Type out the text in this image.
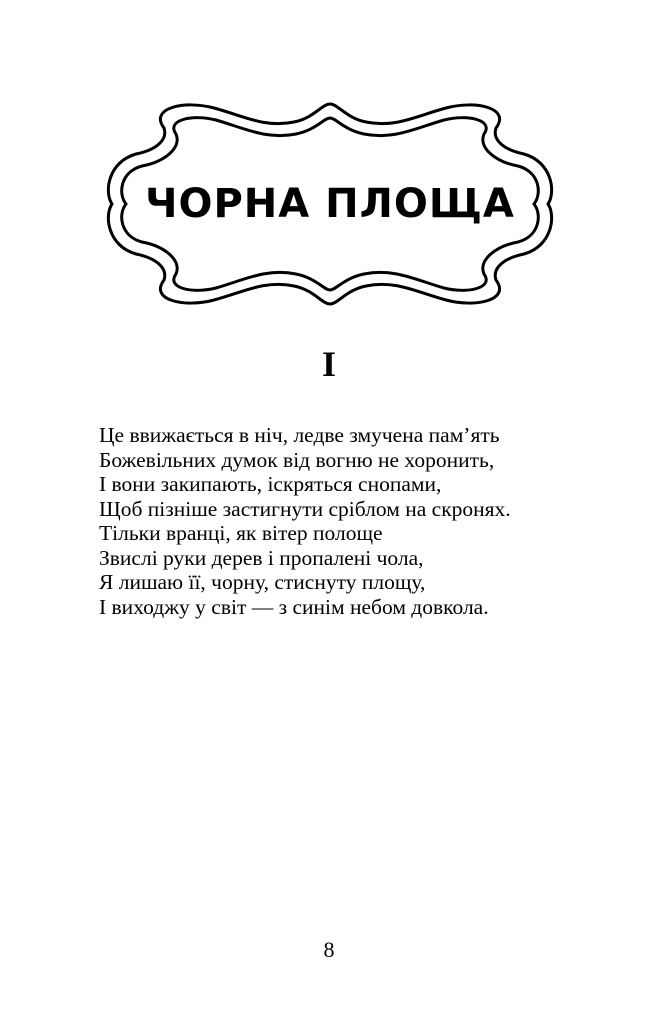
ЧОРНА ПЛОЩА
I
Це ввижається в ніч, ледве змучена пам’ять
Божевільних думок від вогню не хоронить,
І вони закипають, іскряться снопами,
Щоб пізніше застигнути сріблом на скронях.
Тільки вранці, як вітер полоще
Звислі руки дерев і пропалені чола,
Я лишаю її, чорну, стиснуту площу,
І виходжу у світ — з синім небом довкола.
8
